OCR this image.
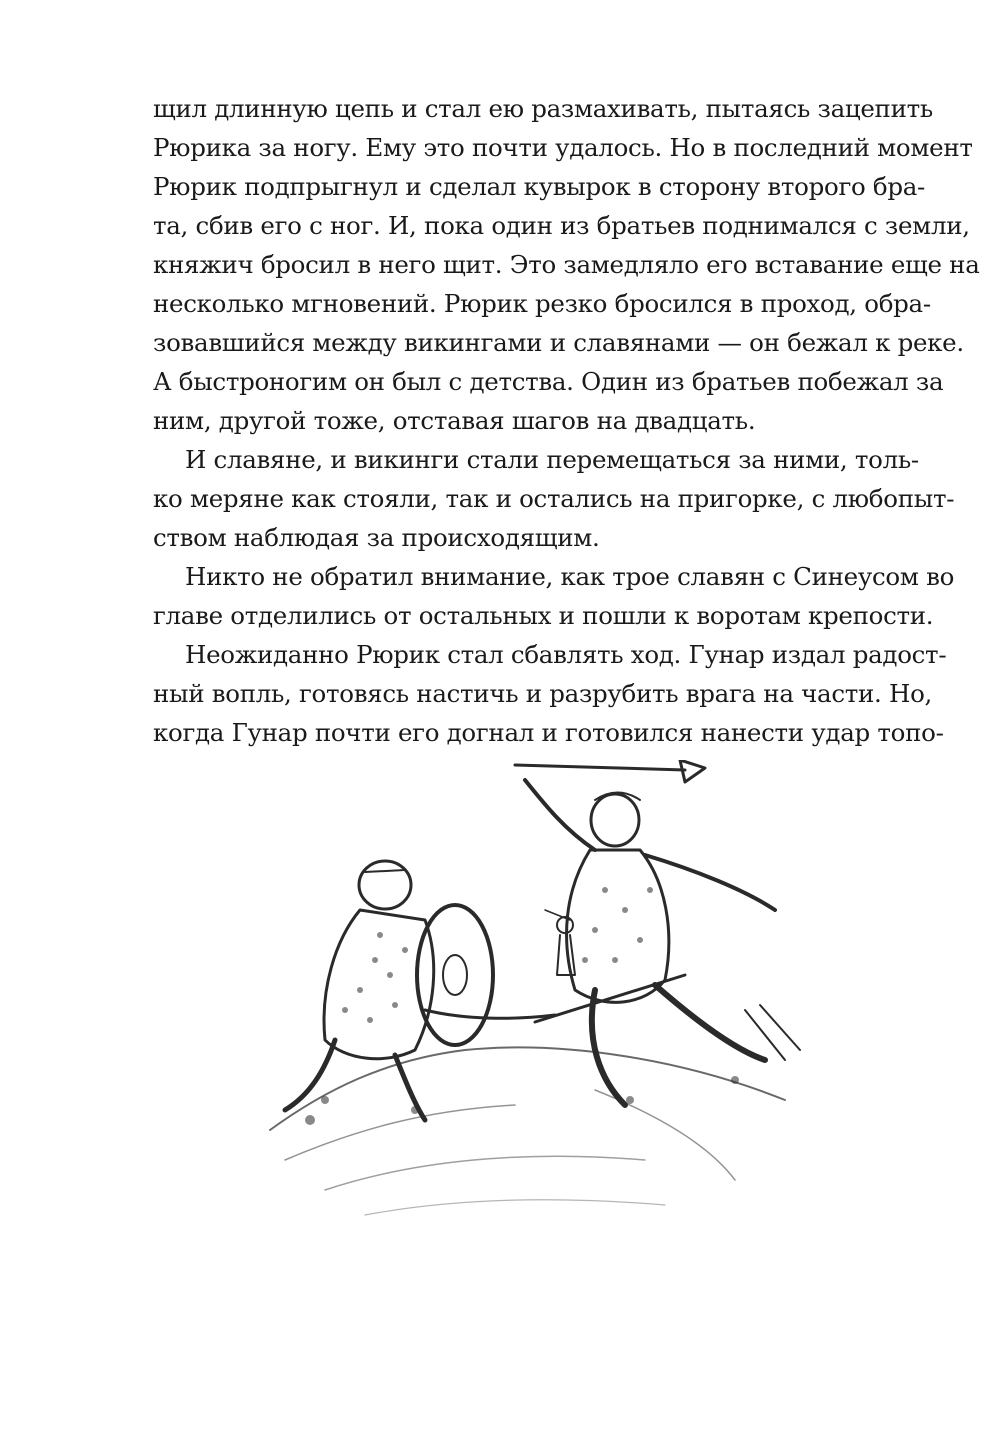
щил длинную цепь и стал ею размахивать, пытаясь зацепить
Рюрика за ногу. Ему это почти удалось. Но в последний момент
Рюрик подпрыгнул и сделал кувырок в сторону второго бра-
та, сбив его с ног. И, пока один из братьев поднимался с земли,
княжич бросил в него щит. Это замедляло его вставание еще на
несколько мгновений. Рюрик резко бросился в проход, обра-
зовавшийся между викингами и славянами — он бежал к реке.
А быстроногим он был с детства. Один из братьев побежал за
ним, другой тоже, отставая шагов на двадцать.
И славяне, и викинги стали перемещаться за ними, толь-
ко меряне как стояли, так и остались на пригорке, с любопыт-
ством наблюдая за происходящим.
Никто не обратил внимание, как трое славян с Синеусом во
главе отделились от остальных и пошли к воротам крепости.
Неожиданно Рюрик стал сбавлять ход. Гунар издал радост-
ный вопль, готовясь настичь и разрубить врага на части. Но,
когда Гунар почти его догнал и готовился нанести удар топо-
